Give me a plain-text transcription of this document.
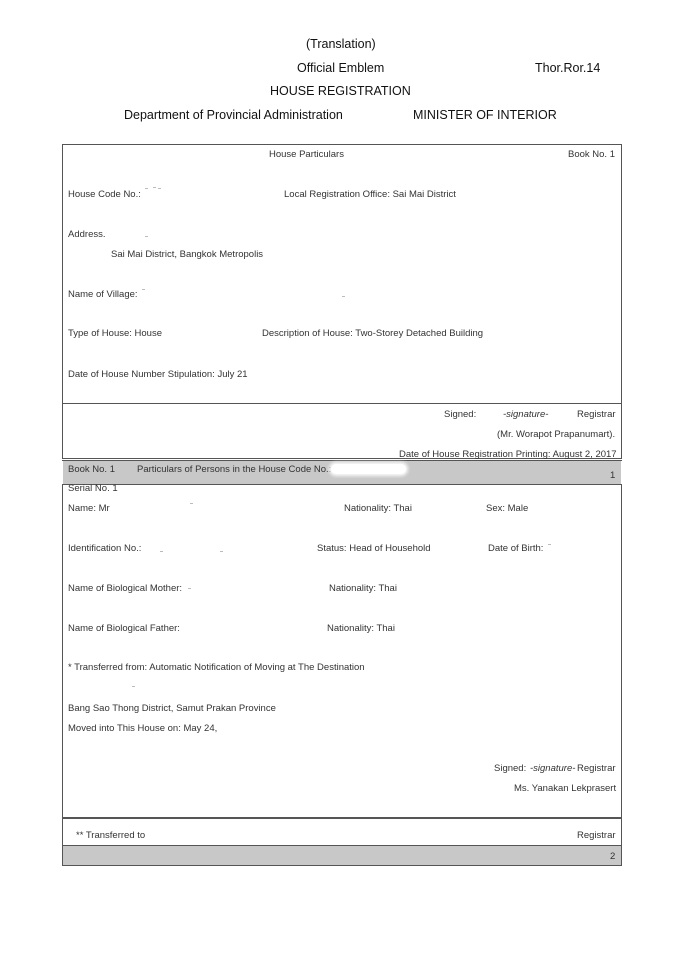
(Translation)
Official Emblem	Thor.Ror.14
HOUSE REGISTRATION
Department of Provincial Administration	MINISTER OF INTERIOR
House Particulars	Book No. 1
House Code No.:	Local Registration Office: Sai Mai District
Address.
Sai Mai District, Bangkok Metropolis
Name of Village:
Type of House: House	Description of House: Two-Storey Detached Building
Date of House Number Stipulation: July 21
Signed:	-signature-	Registrar
(Mr. Worapot Prapanumart).
Date of House Registration Printing: August 2, 2017
Book No. 1 Particulars of Persons in the House Code No.:
1
Serial No. 1
Name: Mr	Nationality: Thai	Sex: Male
Identification No.:	Status: Head of Household	Date of Birth:
Name of Biological Mother:	Nationality: Thai
Name of Biological Father:	Nationality: Thai
* Transferred from: Automatic Notification of Moving at The Destination
Bang Sao Thong District, Samut Prakan Province
Moved into This House on: May 24,
Signed: -signature- Registrar
Ms. Yanakan Lekprasert
** Transferred to	Registrar
2
